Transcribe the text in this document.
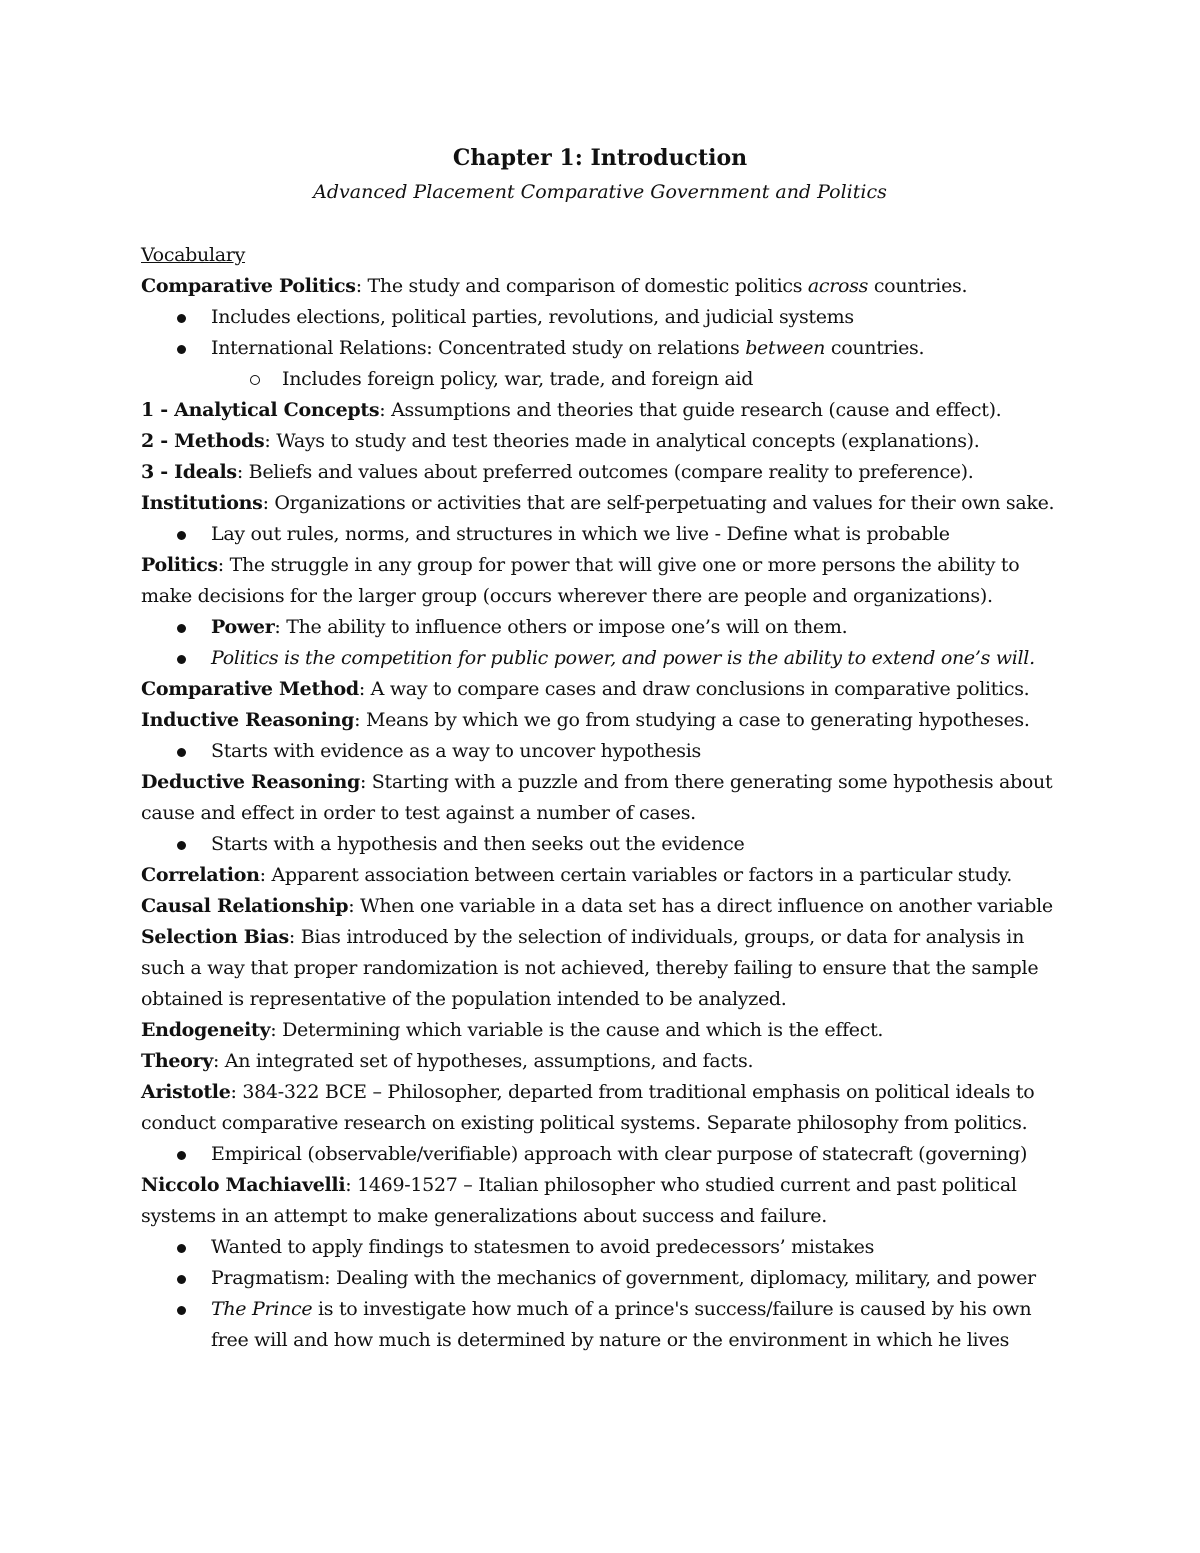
Chapter 1: Introduction
Advanced Placement Comparative Government and Politics

Vocabulary

Comparative Politics: The study and comparison of domestic politics across countries.

Includes elections, political parties, revolutions, and judicial systems

International Relations: Concentrated study on relations between countries.

Includes foreign policy, war, trade, and foreign aid

1 - Analytical Concepts: Assumptions and theories that guide research (cause and effect).

2 - Methods: Ways to study and test theories made in analytical concepts (explanations).

3 - Ideals: Beliefs and values about preferred outcomes (compare reality to preference).

Institutions: Organizations or activities that are self-perpetuating and values for their own sake.

Lay out rules, norms, and structures in which we live - Define what is probable

Politics: The struggle in any group for power that will give one or more persons the ability to make decisions for the larger group (occurs wherever there are people and organizations).

Power: The ability to influence others or impose one’s will on them.

Politics is the competition for public power, and power is the ability to extend one’s will.

Comparative Method: A way to compare cases and draw conclusions in comparative politics.

Inductive Reasoning: Means by which we go from studying a case to generating hypotheses.

Starts with evidence as a way to uncover hypothesis

Deductive Reasoning: Starting with a puzzle and from there generating some hypothesis about cause and effect in order to test against a number of cases.

Starts with a hypothesis and then seeks out the evidence

Correlation: Apparent association between certain variables or factors in a particular study.

Causal Relationship: When one variable in a data set has a direct influence on another variable

Selection Bias: Bias introduced by the selection of individuals, groups, or data for analysis in such a way that proper randomization is not achieved, thereby failing to ensure that the sample obtained is representative of the population intended to be analyzed.

Endogeneity: Determining which variable is the cause and which is the effect.

Theory: An integrated set of hypotheses, assumptions, and facts.

Aristotle: 384-322 BCE – Philosopher, departed from traditional emphasis on political ideals to conduct comparative research on existing political systems. Separate philosophy from politics.

Empirical (observable/verifiable) approach with clear purpose of statecraft (governing)

Niccolo Machiavelli: 1469-1527 – Italian philosopher who studied current and past political systems in an attempt to make generalizations about success and failure.

Wanted to apply findings to statesmen to avoid predecessors’ mistakes

Pragmatism: Dealing with the mechanics of government, diplomacy, military, and power

The Prince is to investigate how much of a prince's success/failure is caused by his own free will and how much is determined by nature or the environment in which he lives
